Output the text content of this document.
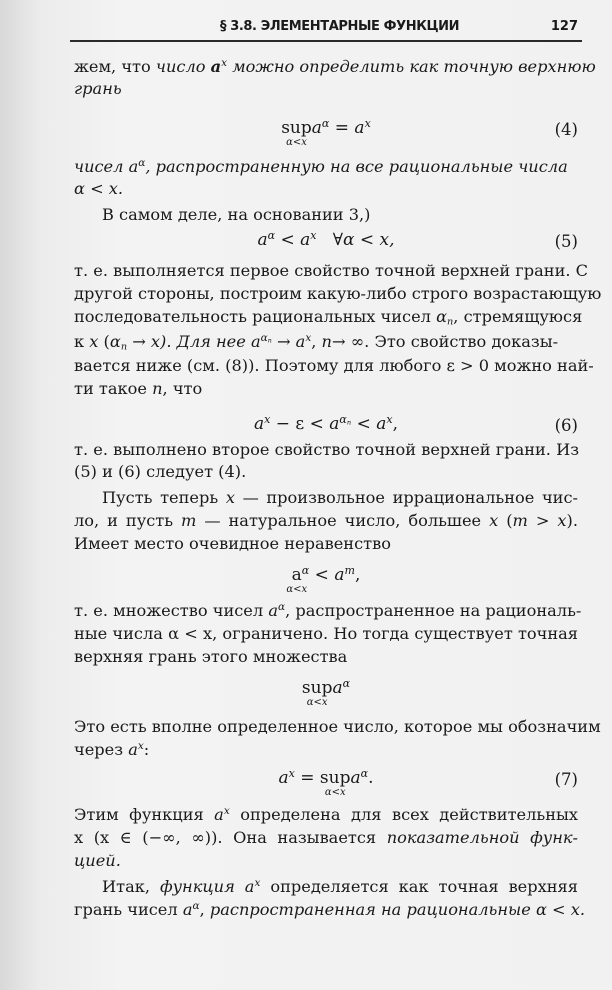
§ 3.8. ЭЛЕМЕНТАРНЫЕ ФУНКЦИИ	127
жем, что число $a^x$ можно определить как точную верхнюю
грань
sup
α<x
$a^\alpha = a^x$	(4)
чисел $a^\alpha$, распространенную на все рациональные числа
α < x.
В самом деле, на основании 3,)
$a^\alpha < a^x$ ∀α < x,	(5)
т. е. выполняется первое свойство точной верхней грани. С
другой стороны, построим какую-либо строго возрастающую
последовательность рациональных чисел $\alpha_n$, стремящуюся
к x $(\alpha_n \to x)$. Для нее $a^{\alpha_n} \to a^x$, n→ ∞. Это свойство доказы-
вается ниже (см. (8)). Поэтому для любого ε > 0 можно най-
ти такое n, что
$a^x - \varepsilon < a^{\alpha_n} < a^x$,	(6)
т. е. выполнено второе свойство точной верхней грани. Из
(5) и (6) следует (4).
Пусть теперь x — произвольное иррациональное чис-
ло, и пусть m — натуральное число, большее x (m > x).
Имеет место очевидное неравенство
a
α<x
$^\alpha < a^m$,
т. е. множество чисел $a^\alpha$, распространенное на рациональ-
ные числа α < x, ограничено. Но тогда существует точная
верхняя грань этого множества
sup
α<x
$a^\alpha$
Это есть вполне определенное число, которое мы обозначим
через $a^x$:
$a^x$ = sup
α<x
$a^\alpha$.	(7)
Этим функция $a^x$ определена для всех действительных
x (x ∈ (−∞, ∞)). Она называется показательной функ-
цией.
Итак, функция $a^x$ определяется как точная верхняя
грань чисел $a^\alpha$, распространенная на рациональные α < x.
